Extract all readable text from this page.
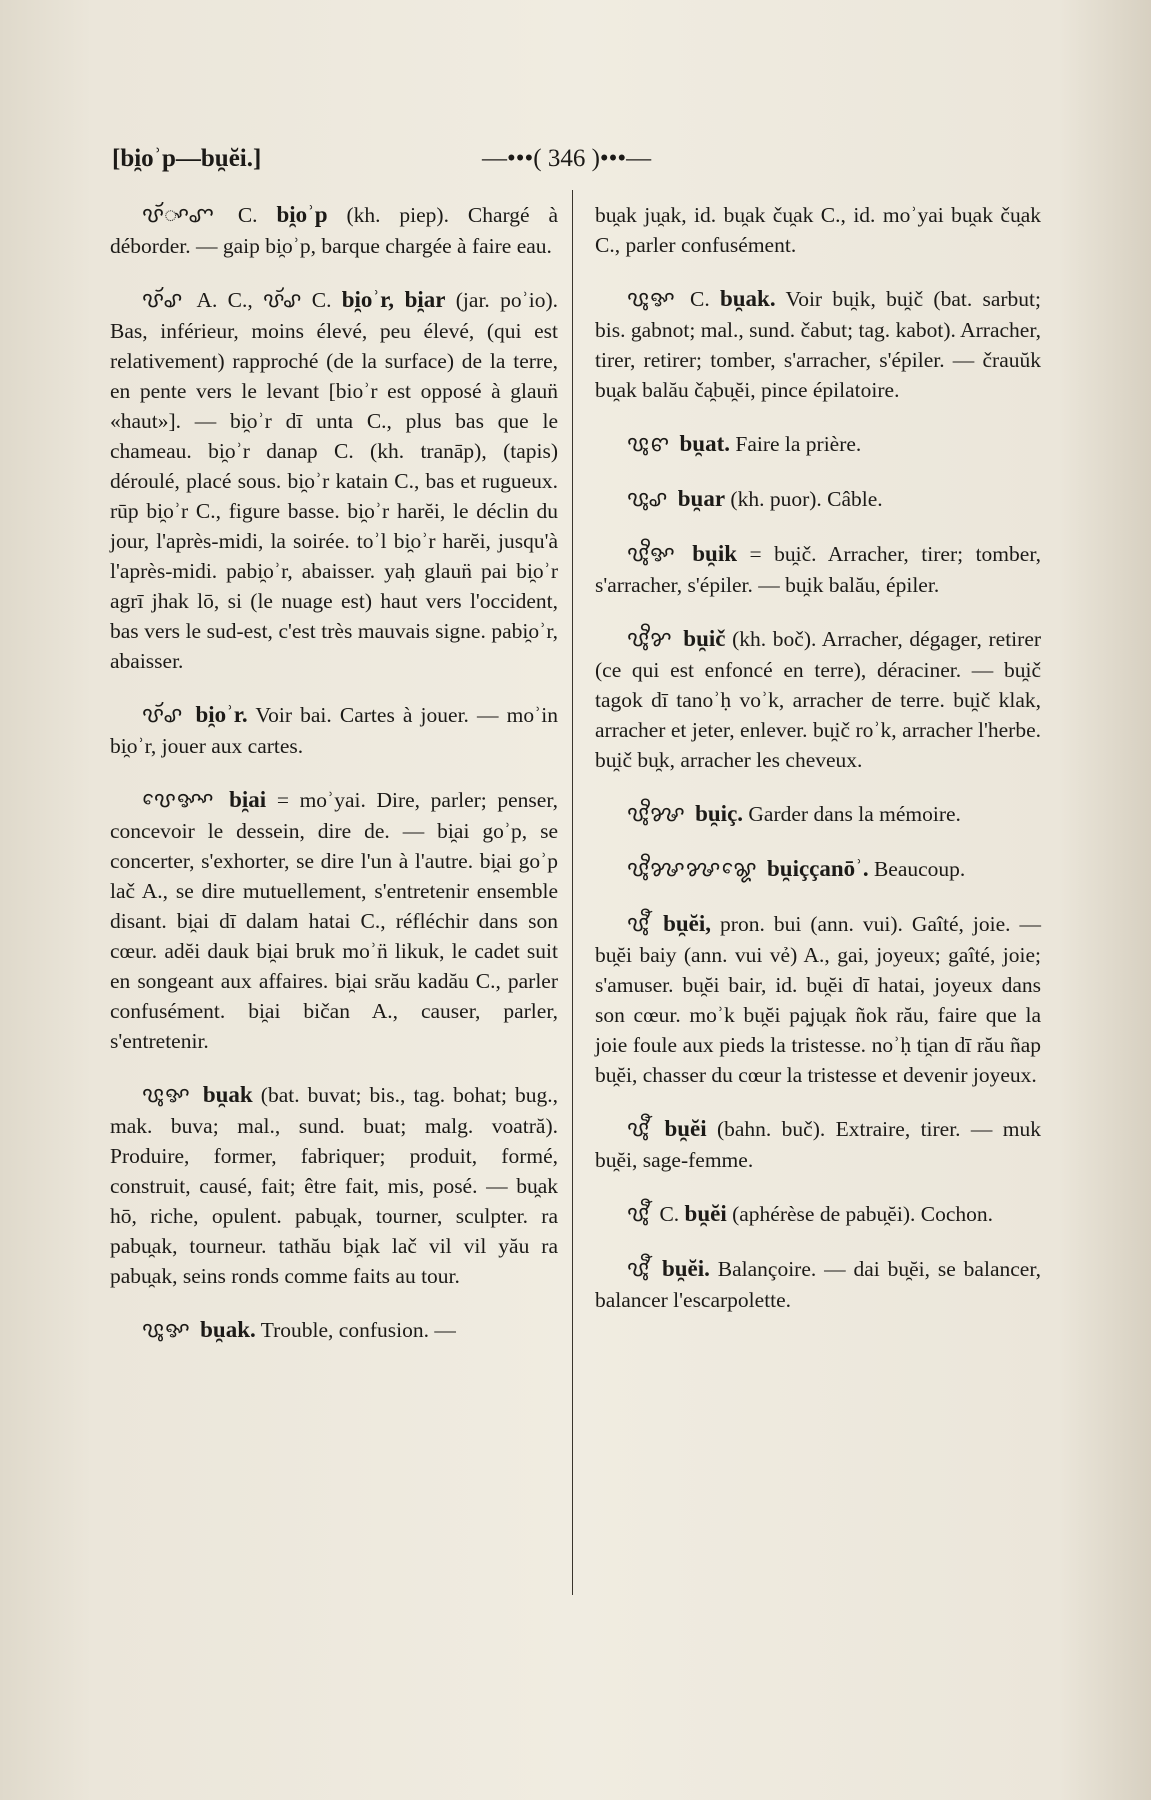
[bi̯oʾp—bu̯ĕi.]	—•••( 346 )•••—

ꨝꨮꨳꨚ C. bi̯oʾp (kh. piep). Chargé à déborder. — gaip bi̯oʾp, barque chargée à faire eau.

ꨝꨮꨣ A. C., ꨝꨮꨣ C. bi̯oʾr, bi̯ar (jar. poʾio). Bas, inférieur, moins élevé, peu élevé, (qui est relativement) rapproché (de la surface) de la terre, en pente vers le levant [bioʾr est opposé à glaun̈ «haut»]. — bi̯oʾr dī unta C., plus bas que le chameau. bi̯oʾr danap C. (kh. tranāp), (tapis) déroulé, placé sous. bi̯oʾr katain C., bas et rugueux. rūp bi̯oʾr C., figure basse. bi̯oʾr harĕi, le déclin du jour, l'après-midi, la soirée. toʾl bi̯oʾr harĕi, jusqu'à l'après-midi. pabi̯oʾr, abaisser. yaḥ glaun̈ pai bi̯oʾr agrī jhak lō, si (le nuage est) haut vers l'occident, bas vers le sud-est, c'est très mauvais signe. pabi̯oʾr, abaisser.

ꨝꨮꨣ bi̯oʾr. Voir bai. Cartes à jouer. — moʾin bi̯oʾr, jouer aux cartes.

ꨝꨯꨀꨳ bi̯ai = moʾyai. Dire, parler; penser, concevoir le dessein, dire de. — bi̯ai goʾp, se concerter, s'exhorter, se dire l'un à l'autre. bi̯ai goʾp lač A., se dire mutuellement, s'entretenir ensemble disant. bi̯ai dī dalam hatai C., réfléchir dans son cœur. adĕi dauk bi̯ai bruk moʾn̈ likuk, le cadet suit en songeant aux affaires. bi̯ai srău kadău C., parler confusément. bi̯ai bičan A., causer, parler, s'entretenir.

ꨝꨶꨀ bu̯ak (bat. buvat; bis., tag. bohat; bug., mak. buva; mal., sund. buat; malg. voatră). Produire, former, fabriquer; produit, formé, construit, causé, fait; être fait, mis, posé. — bu̯ak hō, riche, opulent. pabu̯ak, tourner, sculpter. ra pabu̯ak, tourneur. tathău bi̯ak lač vil vil yău ra pabu̯ak, seins ronds comme faits au tour.

ꨝꨶꨀ bu̯ak. Trouble, confusion. —

bu̯ak ju̯ak, id. bu̯ak ču̯ak C., id. moʾyai bu̯ak ču̯ak C., parler confusément.

ꨝꨶꨀ C. bu̯ak. Voir bu̯ik, bu̯ič (bat. sarbut; bis. gabnot; mal., sund. čabut; tag. kabot). Arracher, tirer, retirer; tomber, s'arracher, s'épiler. — črauŭk bu̯ak balău ča̯bu̯ĕi, pince épilatoire.

ꨝꨶꨓ bu̯at. Faire la prière.

ꨝꨶꨣ bu̯ar (kh. puor). Câble.

ꨝꨶꨪꨀ bu̯ik = bu̯ič. Arracher, tirer; tomber, s'arracher, s'épiler. — bu̯ik balău, épiler.

ꨝꨶꨪꨌ bu̯ič (kh. boč). Arracher, dégager, retirer (ce qui est enfoncé en terre), déraciner. — bu̯ič tagok dī tanoʾḥ voʾk, arracher de terre. bu̯ič klak, arracher et jeter, enlever. bu̯ič roʾk, arracher l'herbe. bu̯ič bu̯k, arracher les cheveux.

ꨝꨶꨪꨍ bu̯iç. Garder dans la mémoire.

ꨝꨶꨪꨍꨍꨘꨯ bu̯iççanōʾ. Beaucoup.

ꨝꨶꨬ bu̯ĕi, pron. bui (ann. vui). Gaîté, joie. — bu̯ĕi baiy (ann. vui vẻ) A., gai, joyeux; gaîté, joie; s'amuser. bu̯ĕi bair, id. bu̯ĕi dī hatai, joyeux dans son cœur. moʾk bu̯ĕi pa̯ju̯ak ñok rău, faire que la joie foule aux pieds la tristesse. noʾḥ ti̯an dī rău ñap bu̯ĕi, chasser du cœur la tristesse et devenir joyeux.

ꨝꨶꨬ bu̯ĕi (bahn. buč). Extraire, tirer. — muk bu̯ĕi, sage-femme.

ꨝꨶꨬ C. bu̯ĕi (aphérèse de pabu̯ĕi). Cochon.

ꨝꨶꨬ bu̯ĕi. Balançoire. — dai bu̯ĕi, se balancer, balancer l'escarpolette.
